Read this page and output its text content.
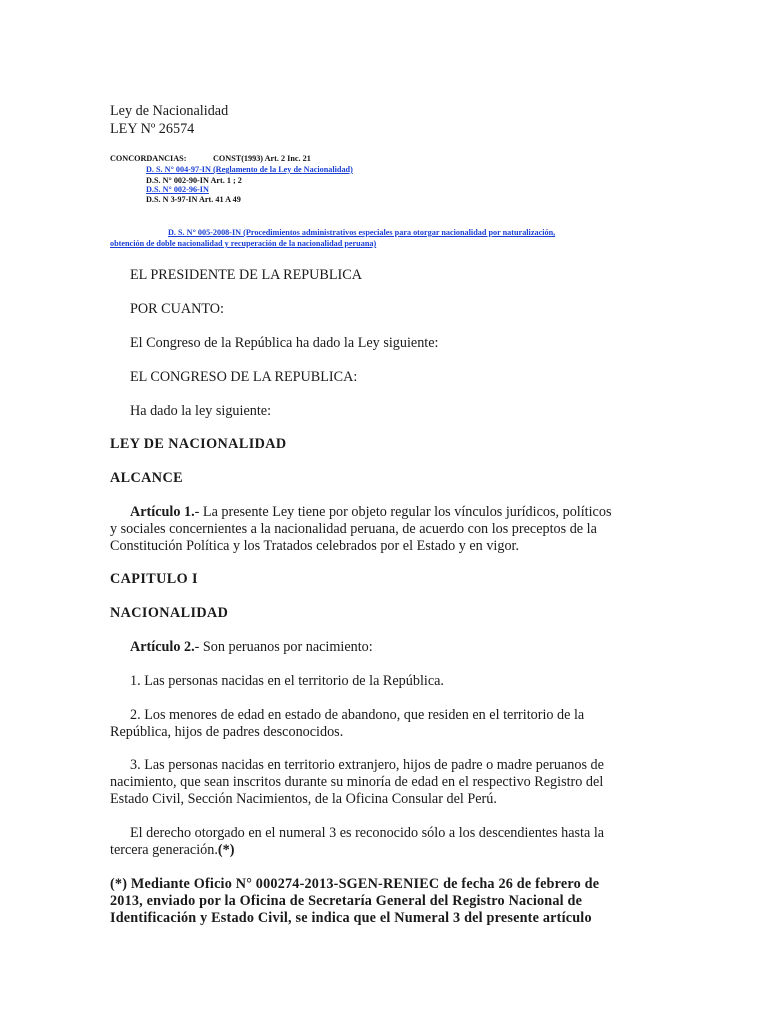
Ley de Nacionalidad
LEY Nº 26574
CONCORDANCIAS:	CONST(1993) Art. 2 Inc. 21
D. S. N° 004-97-IN (Reglamento de la Ley de Nacionalidad)
D.S. N° 002-90-IN Art. 1 ; 2
D.S. N° 002-96-IN
D.S. N 3-97-IN Art. 41 A 49
D. S. N° 005-2008-IN (Procedimientos administrativos especiales para otorgar nacionalidad por naturalización,
obtención de doble nacionalidad y recuperación de la nacionalidad peruana)
EL PRESIDENTE DE LA REPUBLICA
POR CUANTO:
El Congreso de la República ha dado la Ley siguiente:
EL CONGRESO DE LA REPUBLICA:
Ha dado la ley siguiente:
LEY DE NACIONALIDAD
ALCANCE
Artículo 1.- La presente Ley tiene por objeto regular los vínculos jurídicos, políticos
y sociales concernientes a la nacionalidad peruana, de acuerdo con los preceptos de la
Constitución Política y los Tratados celebrados por el Estado y en vigor.
CAPITULO I
NACIONALIDAD
Artículo 2.- Son peruanos por nacimiento:
1. Las personas nacidas en el territorio de la República.
2. Los menores de edad en estado de abandono, que residen en el territorio de la
República, hijos de padres desconocidos.
3. Las personas nacidas en territorio extranjero, hijos de padre o madre peruanos de
nacimiento, que sean inscritos durante su minoría de edad en el respectivo Registro del
Estado Civil, Sección Nacimientos, de la Oficina Consular del Perú.
El derecho otorgado en el numeral 3 es reconocido sólo a los descendientes hasta la
tercera generación.(*)
(*) Mediante Oficio N° 000274-2013-SGEN-RENIEC de fecha 26 de febrero de
2013, enviado por la Oficina de Secretaría General del Registro Nacional de
Identificación y Estado Civil, se indica que el Numeral 3 del presente artículo
